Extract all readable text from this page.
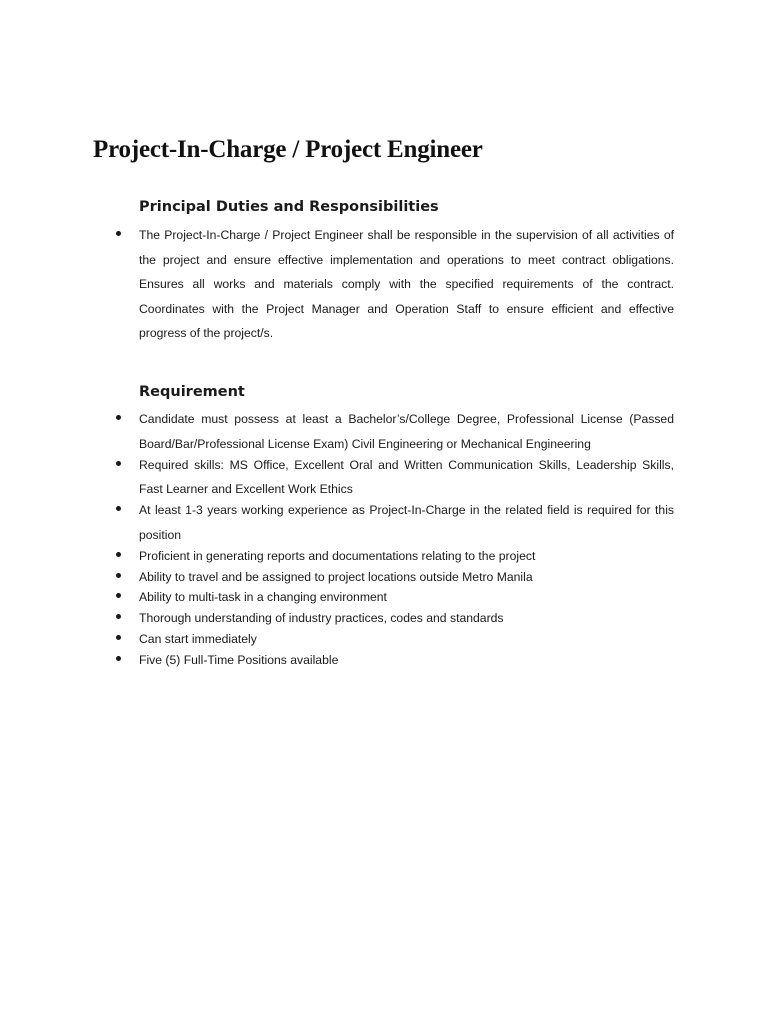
Project-In-Charge / Project Engineer
Principal Duties and Responsibilities
The Project-In-Charge / Project Engineer shall be responsible in the supervision of all activities of the project and ensure effective implementation and operations to meet contract obligations. Ensures all works and materials comply with the specified requirements of the contract. Coordinates with the Project Manager and Operation Staff to ensure efficient and effective progress of the project/s.
Requirement
Candidate must possess at least a Bachelor’s/College Degree, Professional License (Passed Board/Bar/Professional License Exam) Civil Engineering or Mechanical Engineering
Required skills: MS Office, Excellent Oral and Written Communication Skills, Leadership Skills, Fast Learner and Excellent Work Ethics
At least 1-3 years working experience as Project-In-Charge in the related field is required for this position
Proficient in generating reports and documentations relating to the project
Ability to travel and be assigned to project locations outside Metro Manila
Ability to multi-task in a changing environment
Thorough understanding of industry practices, codes and standards
Can start immediately
Five (5) Full-Time Positions available
